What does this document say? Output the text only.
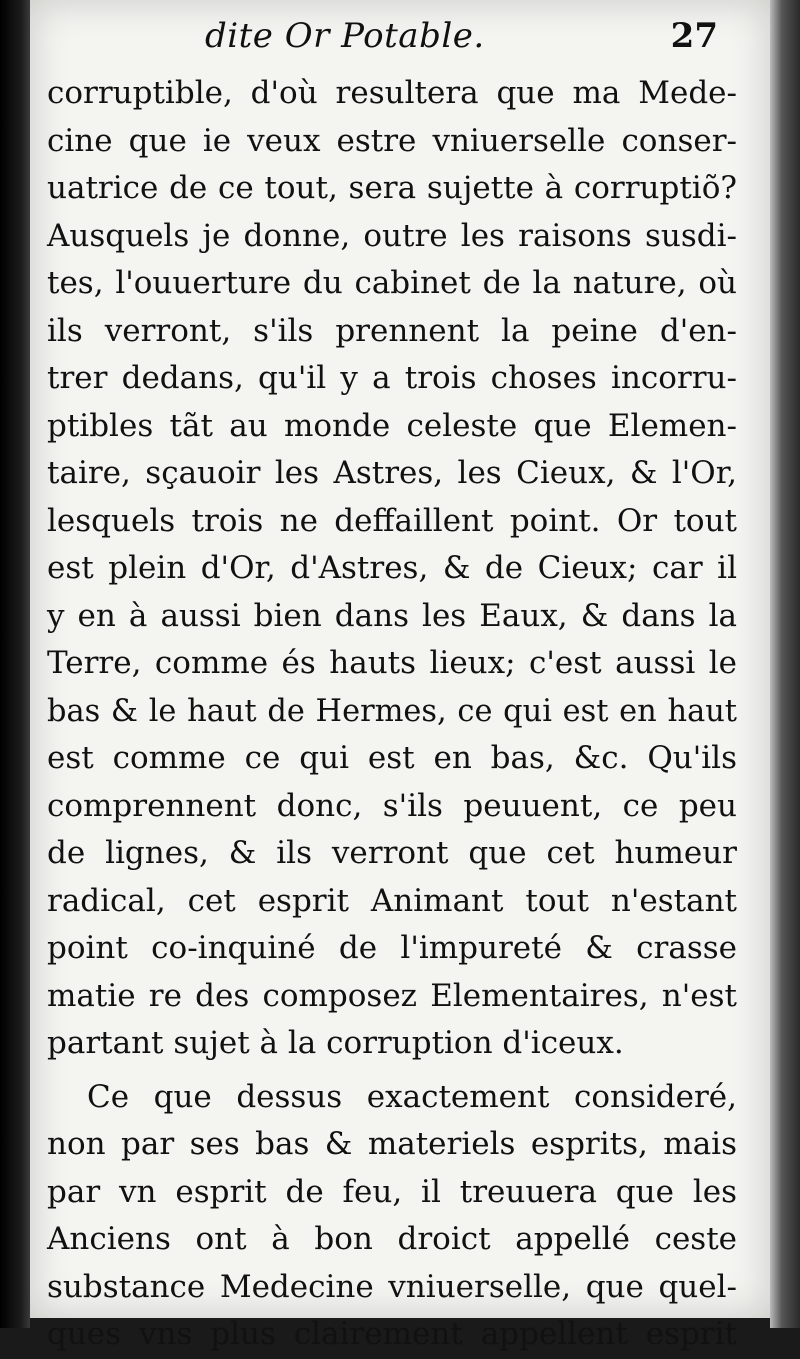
dite Or Potable.	27
corruptible, d'où resultera que ma Mede-
cine que ie veux estre vniuerselle conser-
uatrice de ce tout, sera sujette à corruptiõ?
Ausquels je donne, outre les raisons susdi-
tes, l'ouuerture du cabinet de la nature, où
ils verront, s'ils prennent la peine d'en-
trer dedans, qu'il y a trois choses incorru-
ptibles tãt au monde celeste que Elemen-
taire, sçauoir les Astres, les Cieux, & l'Or,
lesquels trois ne deffaillent point. Or tout
est plein d'Or, d'Astres, & de Cieux; car il
y en à aussi bien dans les Eaux, & dans la
Terre, comme és hauts lieux; c'est aussi le
bas & le haut de Hermes, ce qui est en haut
est comme ce qui est en bas, &c. Qu'ils
comprennent donc, s'ils peuuent, ce peu
de lignes, & ils verront que cet humeur
radical, cet esprit Animant tout n'estant
point co-inquiné de l'impureté & crasse
matie re des composez Elementaires, n'est
partant sujet à la corruption d'iceux.
Ce que dessus exactement consideré,
non par ses bas & materiels esprits, mais
par vn esprit de feu, il treuuera que les
Anciens ont à bon droict appellé ceste
substance Medecine vniuerselle, que quel-
ques vns plus clairement appellent esprit
